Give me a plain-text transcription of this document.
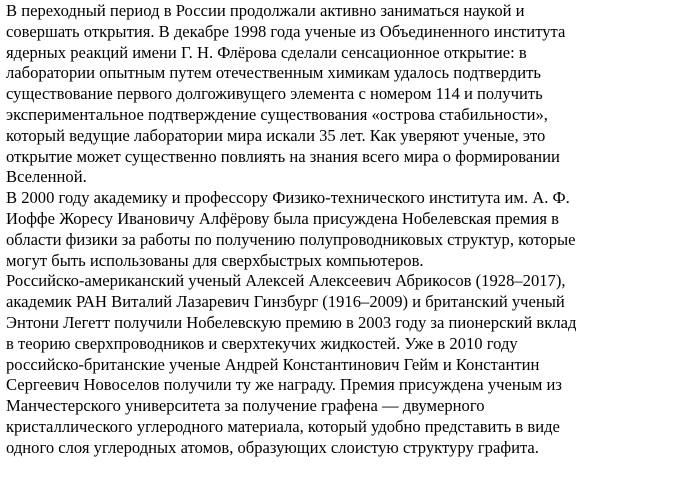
В переходный период в России продолжали активно заниматься наукой и
совершать открытия. В декабре 1998 года ученые из Объединенного института
ядерных реакций имени Г. Н. Флёрова сделали сенсационное открытие: в
лаборатории опытным путем отечественным химикам удалось подтвердить
существование первого долгоживущего элемента с номером 114 и получить
экспериментальное подтверждение существования «острова стабильности»,
который ведущие лаборатории мира искали 35 лет. Как уверяют ученые, это
открытие может существенно повлиять на знания всего мира о формировании
Вселенной.
В 2000 году академику и профессору Физико-технического института им. А. Ф.
Иоффе Жоресу Ивановичу Алфёрову была присуждена Нобелевская премия в
области физики за работы по получению полупроводниковых структур, которые
могут быть использованы для сверхбыстрых компьютеров.
Российско-американский ученый Алексей Алексеевич Абрикосов (1928–2017),
академик РАН Виталий Лазаревич Гинзбург (1916–2009) и британский ученый
Энтони Легетт получили Нобелевскую премию в 2003 году за пионерский вклад
в теорию сверхпроводников и сверхтекучих жидкостей. Уже в 2010 году
российско-британские ученые Андрей Константинович Гейм и Константин
Сергеевич Новоселов получили ту же награду. Премия присуждена ученым из
Манчестерского университета за получение графена — двумерного
кристаллического углеродного материала, который удобно представить в виде
одного слоя углеродных атомов, образующих слоистую структуру графита.
